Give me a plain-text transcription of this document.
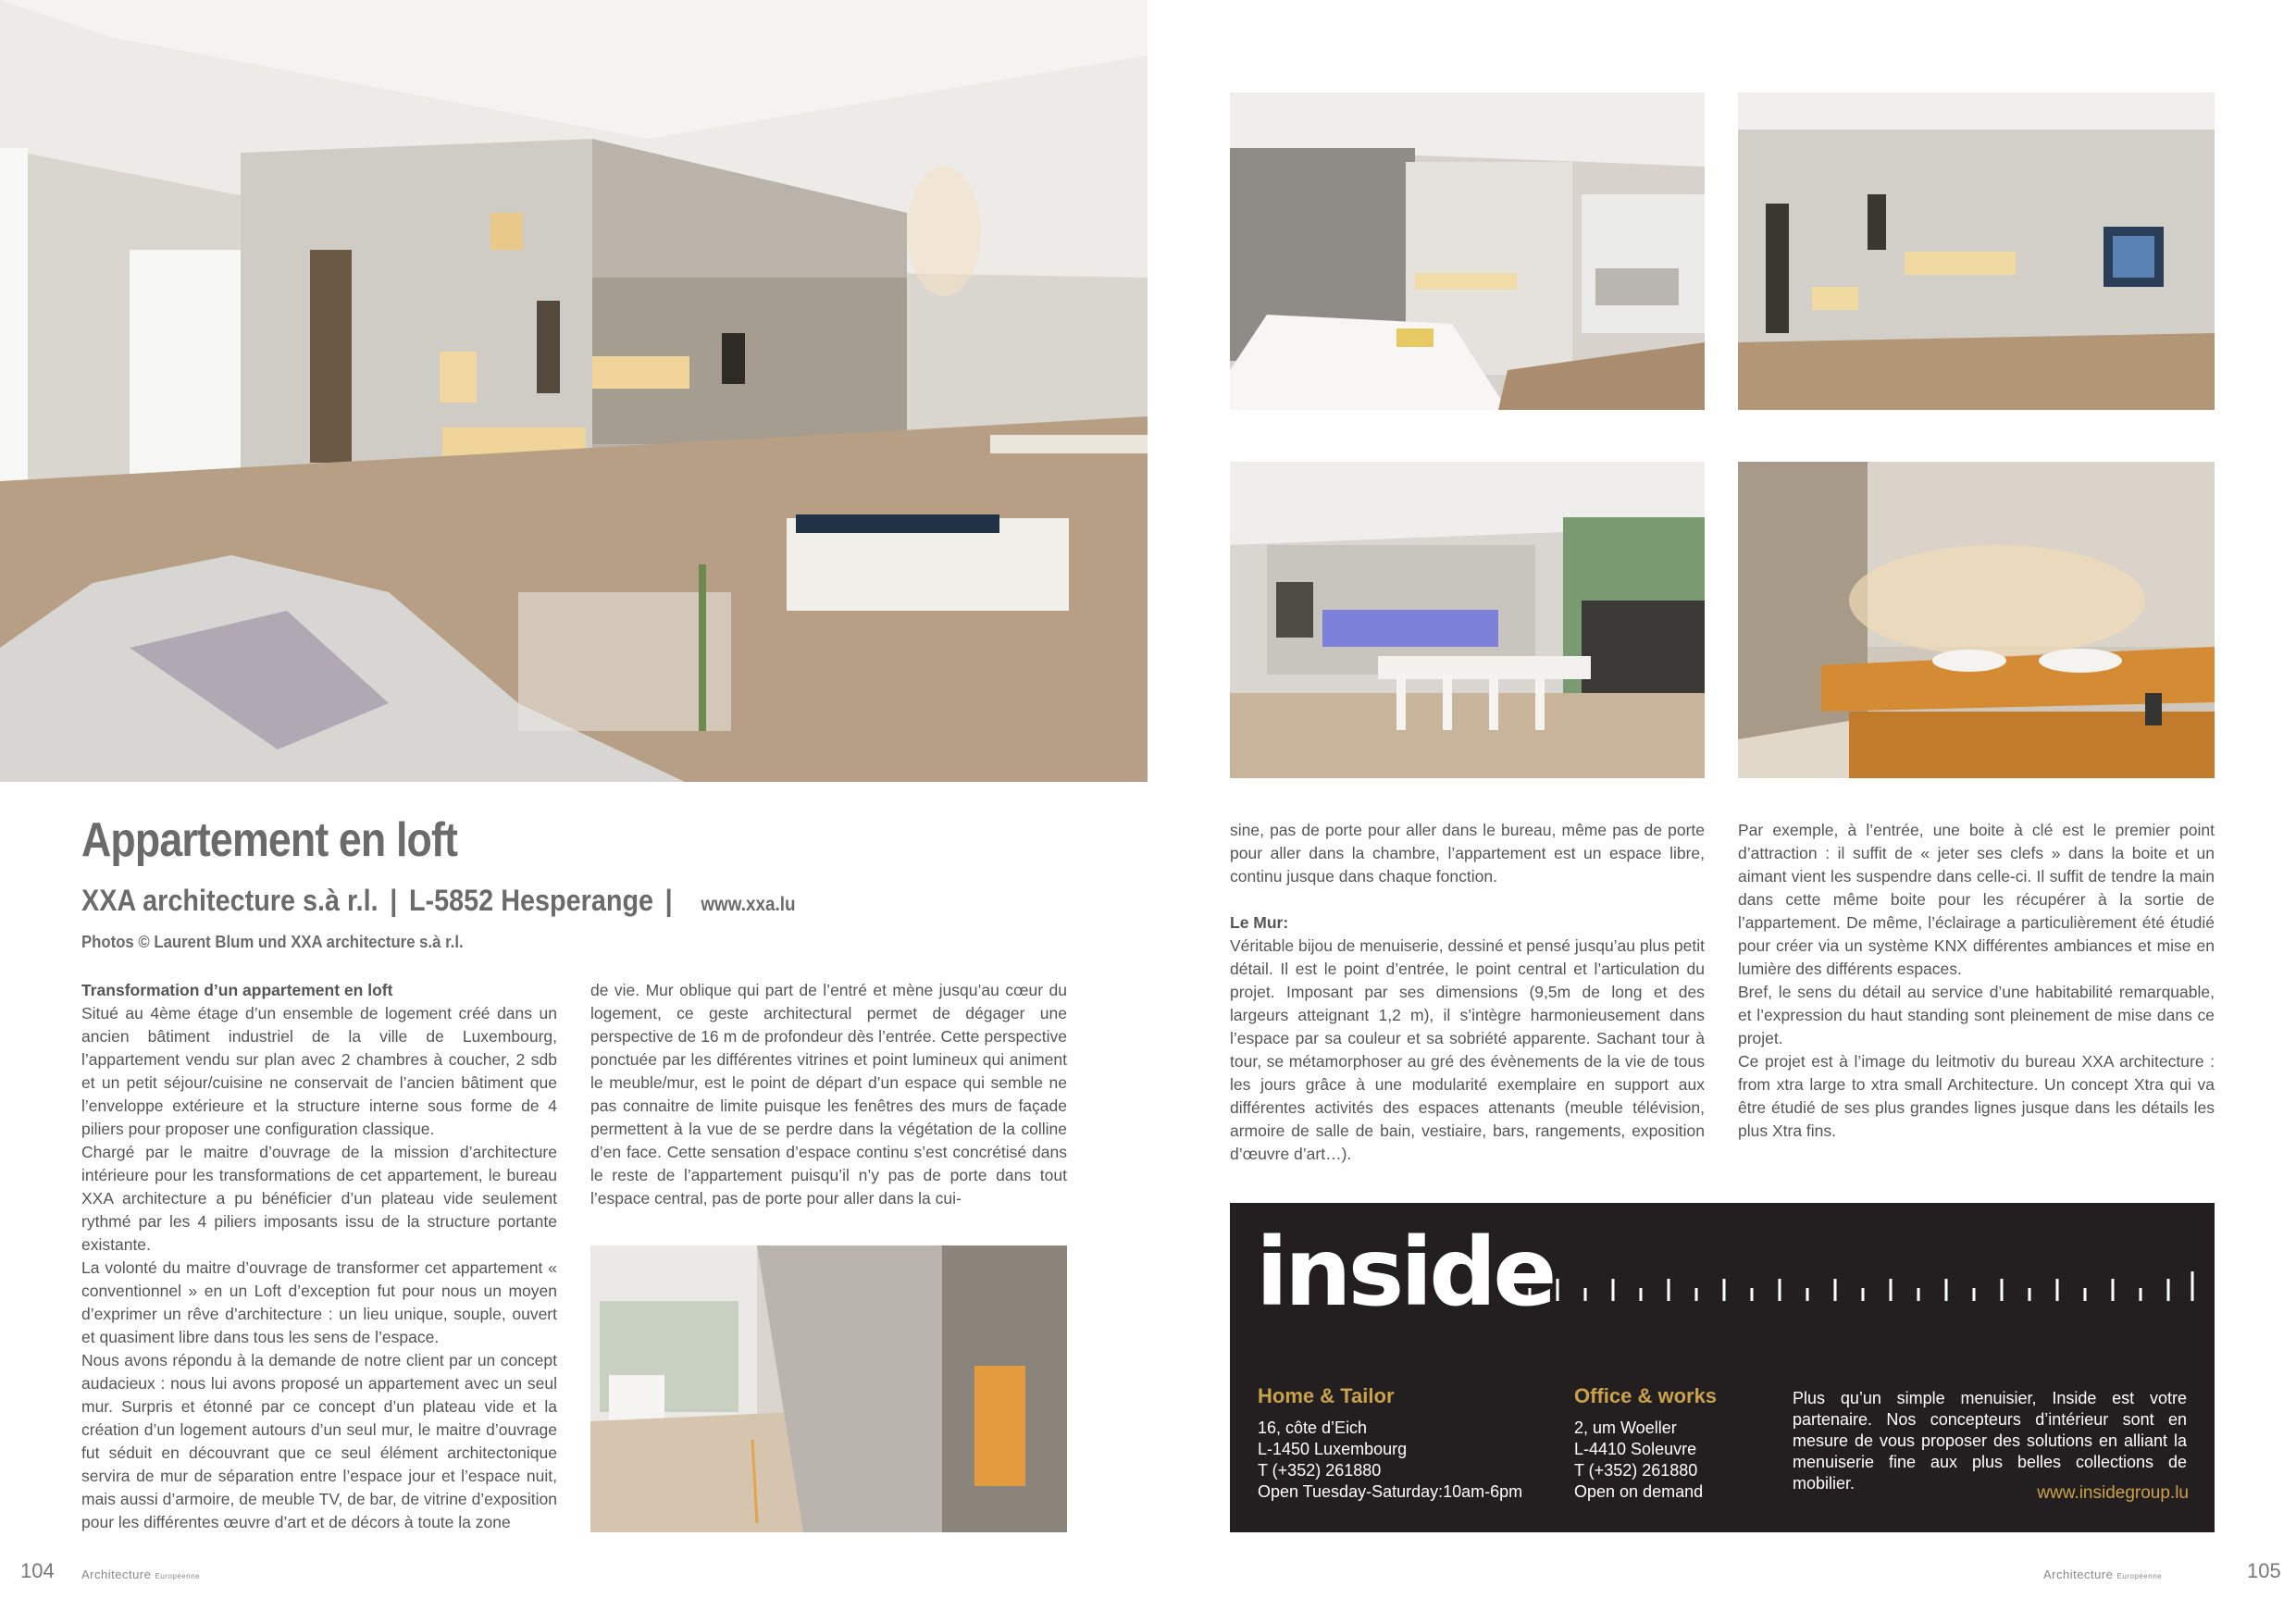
Appartement en loft
XXA architecture s.à r.l. | L-5852 Hesperange | www.xxa.lu
Photos © Laurent Blum und XXA architecture s.à r.l.

Transformation d’un appartement en loft

Situé au 4ème étage d’un ensemble de logement créé dans un ancien bâtiment industriel de la ville de Luxembourg, l’appartement vendu sur plan avec 2 chambres à coucher, 2 sdb et un petit séjour/cuisine ne conservait de l’ancien bâtiment que l’enveloppe extérieure et la structure interne sous forme de 4 piliers pour proposer une configuration classique.

Chargé par le maitre d’ouvrage de la mission d’architecture intérieure pour les transformations de cet appartement, le bureau XXA architecture a pu bénéficier d’un plateau vide seulement rythmé par les 4 piliers imposants issu de la structure portante existante.

La volonté du maitre d’ouvrage de transformer cet appartement « conventionnel » en un Loft d’exception fut pour nous un moyen d’exprimer un rêve d’architecture : un lieu unique, souple, ouvert et quasiment libre dans tous les sens de l’espace.

Nous avons répondu à la demande de notre client par un concept audacieux : nous lui avons proposé un appartement avec un seul mur. Surpris et étonné par ce concept d’un plateau vide et la création d’un logement autours d’un seul mur, le maitre d’ouvrage fut séduit en découvrant que ce seul élément architectonique servira de mur de séparation entre l’espace jour et l’espace nuit, mais aussi d’armoire, de meuble TV, de bar, de vitrine d’exposition pour les différentes œuvre d’art et de décors à toute la zone

de vie. Mur oblique qui part de l’entré et mène jusqu’au cœur du logement, ce geste architectural permet de dégager une perspective de 16 m de profondeur dès l’entrée. Cette perspective ponctuée par les différentes vitrines et point lumineux qui animent le meuble/mur, est le point de départ d’un espace qui semble ne pas connaitre de limite puisque les fenêtres des murs de façade permettent à la vue de se perdre dans la végétation de la colline d’en face. Cette sensation d’espace continu s’est concrétisé dans le reste de l’appartement puisqu’il n’y pas de porte dans tout l’espace central, pas de porte pour aller dans la cui-

sine, pas de porte pour aller dans le bureau, même pas de porte pour aller dans la chambre, l’appartement est un espace libre, continu jusque dans chaque fonction.

Le Mur:

Véritable bijou de menuiserie, dessiné et pensé jusqu’au plus petit détail. Il est le point d’entrée, le point central et l’articulation du projet. Imposant par ses dimensions (9,5m de long et des largeurs atteignant 1,2 m), il s’intègre harmonieusement dans l’espace par sa couleur et sa sobriété apparente. Sachant tour à tour, se métamorphoser au gré des évènements de la vie de tous les jours grâce à une modularité exemplaire en support aux différentes activités des espaces attenants (meuble télévision, armoire de salle de bain, vestiaire, bars, rangements, exposition d’œuvre d’art…).

Par exemple, à l’entrée, une boite à clé est le premier point d’attraction : il suffit de « jeter ses clefs » dans la boite et un aimant vient les suspendre dans celle-ci. Il suffit de tendre la main dans cette même boite pour les récupérer à la sortie de l’appartement. De même, l’éclairage a particulièrement été étudié pour créer via un système KNX différentes ambiances et mise en lumière des différents espaces.

Bref, le sens du détail au service d’une habitabilité remarquable, et l’expression du haut standing sont pleinement de mise dans ce projet.

Ce projet est à l’image du leitmotiv du bureau XXA architecture : from xtra large to xtra small Architecture. Un concept Xtra qui va être étudié de ses plus grandes lignes jusque dans les détails les plus Xtra fins.

inside
Home & Tailor
16, côte d’Eich
L-1450 Luxembourg
T (+352) 261880
Open Tuesday-Saturday:10am-6pm
Office & works
2, um Woeller
L-4410 Soleuvre
T (+352) 261880
Open on demand
Plus qu’un simple menuisier, Inside est votre partenaire. Nos concepteurs d’intérieur sont en mesure de vous proposer des solutions en alliant la menuiserie fine aux plus belles collections de mobilier.	www.insidegroup.lu
104 Architecture Européenne	Architecture Européenne	105
